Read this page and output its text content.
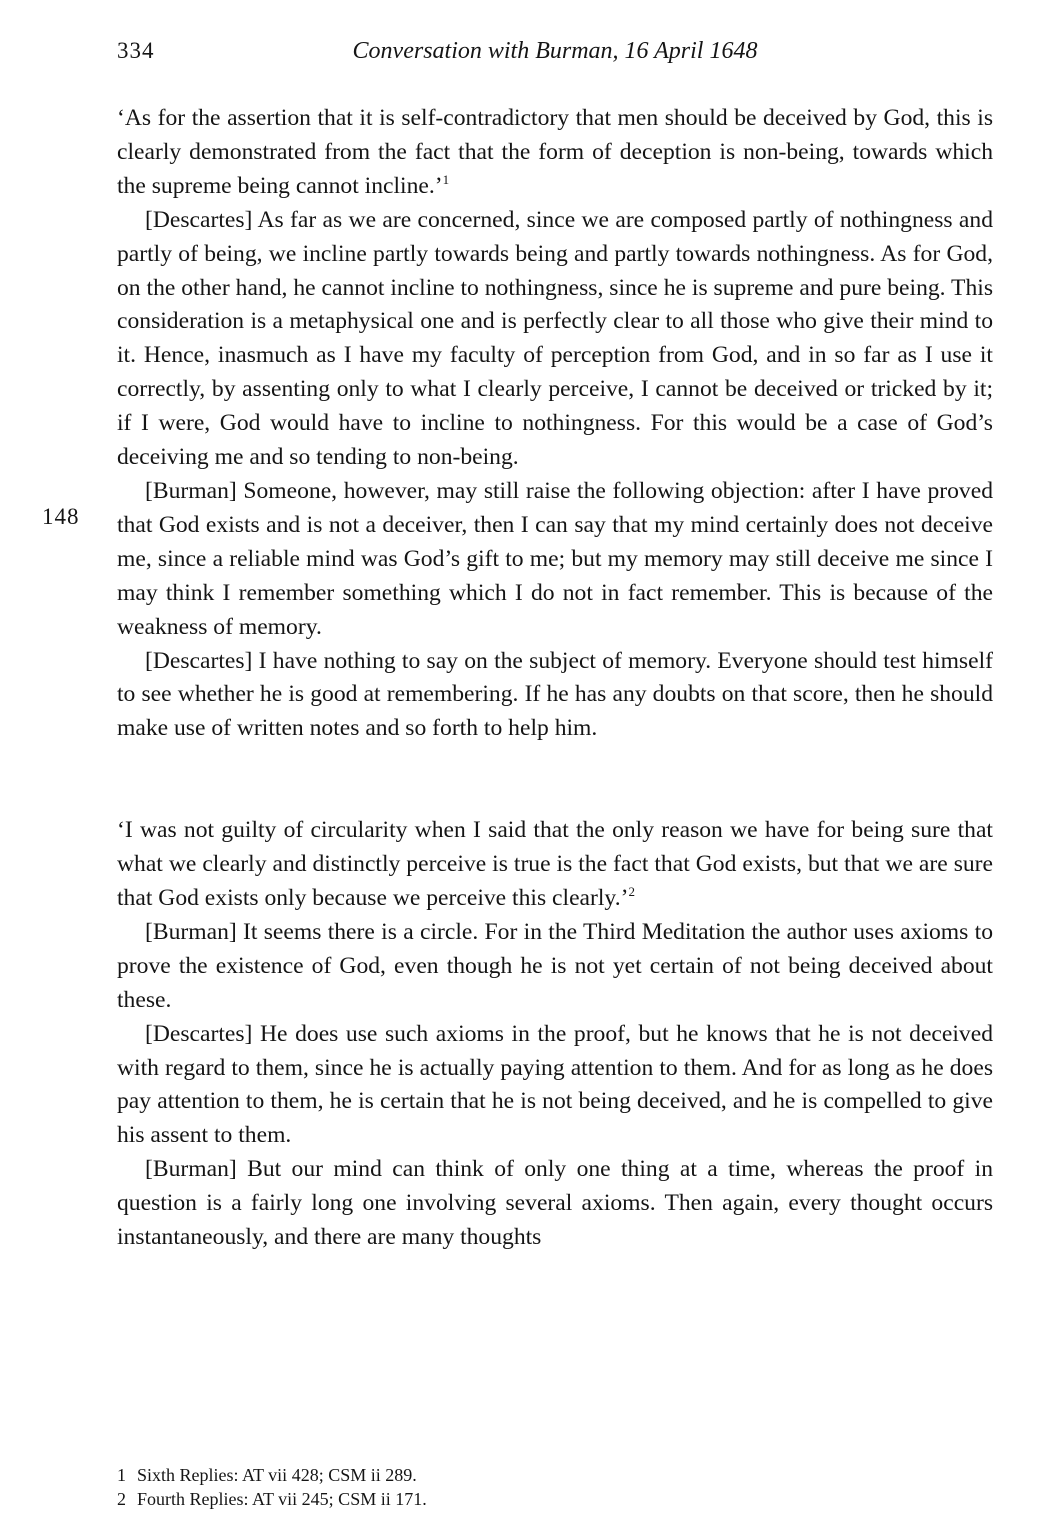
334	Conversation with Burman, 16 April 1648
148

‘As for the assertion that it is self-contradictory that men should be deceived by God, this is clearly demonstrated from the fact that the form of deception is non-being, towards which the supreme being cannot incline.’$^1$

[Descartes] As far as we are concerned, since we are composed partly of nothingness and partly of being, we incline partly towards being and partly towards nothingness. As for God, on the other hand, he cannot incline to nothingness, since he is supreme and pure being. This consideration is a metaphysical one and is perfectly clear to all those who give their mind to it. Hence, inasmuch as I have my faculty of perception from God, and in so far as I use it correctly, by assenting only to what I clearly perceive, I cannot be deceived or tricked by it; if I were, God would have to incline to nothingness. For this would be a case of God’s deceiving me and so tending to non-being.

[Burman] Someone, however, may still raise the following objection: after I have proved that God exists and is not a deceiver, then I can say that my mind certainly does not deceive me, since a reliable mind was God’s gift to me; but my memory may still deceive me since I may think I remember something which I do not in fact remember. This is because of the weakness of memory.

[Descartes] I have nothing to say on the subject of memory. Everyone should test himself to see whether he is good at remembering. If he has any doubts on that score, then he should make use of written notes and so forth to help him.

‘I was not guilty of circularity when I said that the only reason we have for being sure that what we clearly and distinctly perceive is true is the fact that God exists, but that we are sure that God exists only because we perceive this clearly.’$^2$

[Burman] It seems there is a circle. For in the Third Meditation the author uses axioms to prove the existence of God, even though he is not yet certain of not being deceived about these.

[Descartes] He does use such axioms in the proof, but he knows that he is not deceived with regard to them, since he is actually paying attention to them. And for as long as he does pay attention to them, he is certain that he is not being deceived, and he is compelled to give his assent to them.

[Burman] But our mind can think of only one thing at a time, whereas the proof in question is a fairly long one involving several axioms. Then again, every thought occurs instantaneously, and there are many thoughts

1 Sixth Replies: AT vii 428; CSM ii 289.
2 Fourth Replies: AT vii 245; CSM ii 171.
